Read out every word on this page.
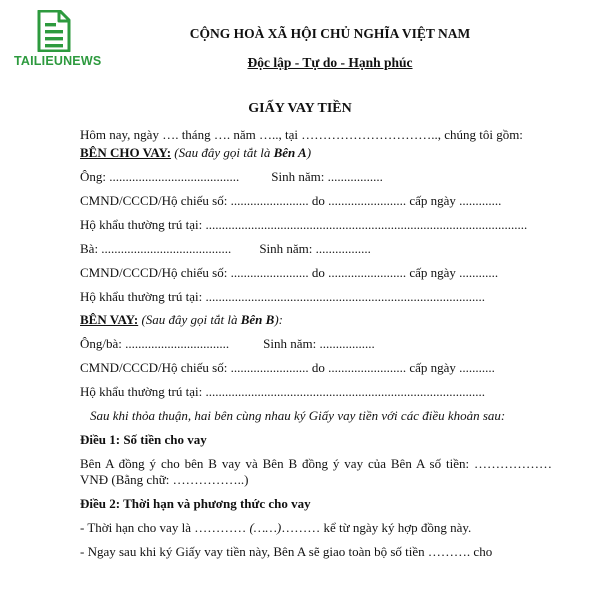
TAILIEUNEWS
CỘNG HOÀ XÃ HỘI CHỦ NGHĨA VIỆT NAM
Độc lập - Tự do - Hạnh phúc
GIẤY VAY TIỀN

Hôm nay, ngày …. tháng …. năm ….., tại ………………………….., chúng tôi gồm:

BÊN CHO VAY: (Sau đây gọi tắt là Bên A)

Ông: ........................................ Sinh năm: .................

CMND/CCCD/Hộ chiếu số: ........................ do ........................ cấp ngày .............

Hộ khẩu thường trú tại: ...................................................................................................

Bà: ........................................ Sinh năm: .................

CMND/CCCD/Hộ chiếu số: ........................ do ........................ cấp ngày ............

Hộ khẩu thường trú tại: ......................................................................................

BÊN VAY: (Sau đây gọi tắt là Bên B):

Ông/bà: ................................	Sinh năm: .................

CMND/CCCD/Hộ chiếu số: ........................ do ........................ cấp ngày ...........

Hộ khẩu thường trú tại: ......................................................................................

Sau khi thỏa thuận, hai bên cùng nhau ký Giấy vay tiền với các điều khoản sau:

Điều 1: Số tiền cho vay

Bên A đồng ý cho bên B vay và Bên B đồng ý vay của Bên A số tiền: ……………… VNĐ (Bằng chữ: ……………..)

Điều 2: Thời hạn và phương thức cho vay

- Thời hạn cho vay là ………… (……)……… kể từ ngày ký hợp đồng này.

- Ngay sau khi ký Giấy vay tiền này, Bên A sẽ giao toàn bộ số tiền ………. cho
